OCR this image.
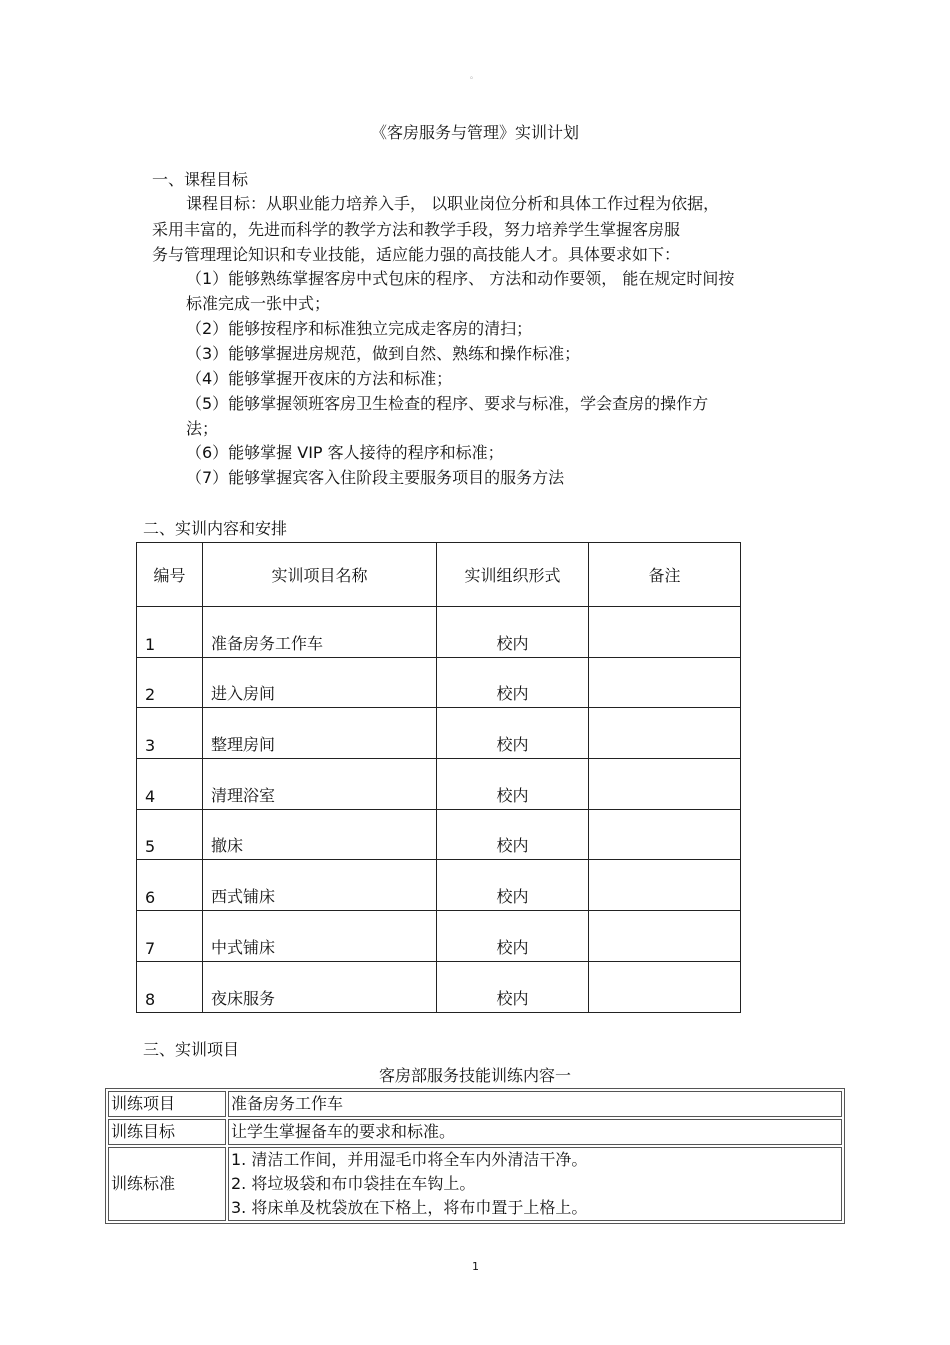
。
《客房服务与管理》实训计划
一、课程目标
课程目标：从职业能力培养入手， 以职业岗位分析和具体工作过程为依据，
采用丰富的，先进而科学的教学方法和教学手段，努力培养学生掌握客房服
务与管理理论知识和专业技能，适应能力强的高技能人才。具体要求如下：
（1）能够熟练掌握客房中式包床的程序、 方法和动作要领， 能在规定时间按
标准完成一张中式；
（2）能够按程序和标准独立完成走客房的清扫；
（3）能够掌握进房规范，做到自然、熟练和操作标准；
（4）能够掌握开夜床的方法和标准；
（5）能够掌握领班客房卫生检查的程序、要求与标准，学会查房的操作方
法；
（6）能够掌握 VIP 客人接待的程序和标准；
（7）能够掌握宾客入住阶段主要服务项目的服务方法
二、实训内容和安排
编号	实训项目名称	实训组织形式	备注
1	准备房务工作车	校内	
2	进入房间	校内	
3	整理房间	校内	
4	清理浴室	校内	
5	撤床	校内	
6	西式铺床	校内	
7	中式铺床	校内	
8	夜床服务	校内	
三、实训项目
客房部服务技能训练内容一
训练项目	准备房务工作车
训练目标	让学生掌握备车的要求和标准。
训练标准	1. 清洁工作间，并用湿毛巾将全车内外清洁干净。
2. 将垃圾袋和布巾袋挂在车钩上。
3. 将床单及枕袋放在下格上，将布巾置于上格上。
1
